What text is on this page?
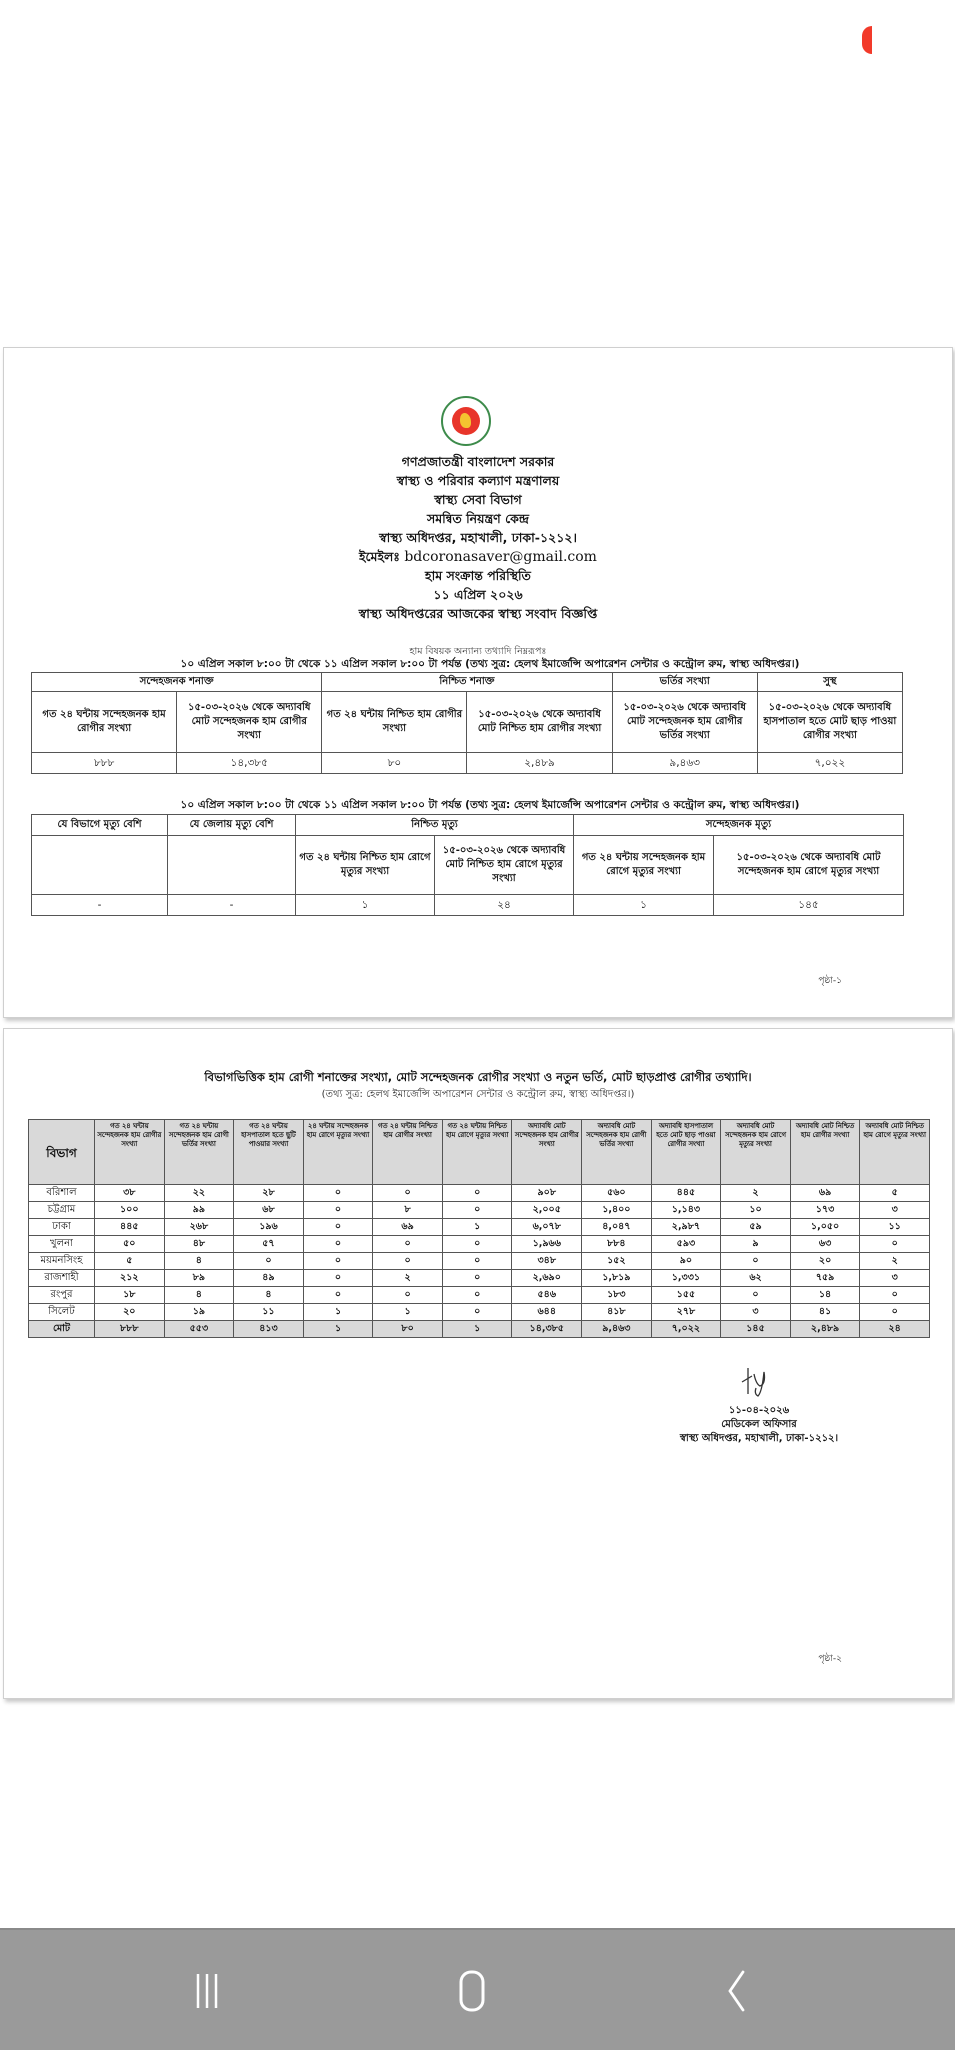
গণপ্রজাতন্ত্রী বাংলাদেশ সরকার
স্বাস্থ্য ও পরিবার কল্যাণ মন্ত্রণালয়
স্বাস্থ্য সেবা বিভাগ
সমন্বিত নিয়ন্ত্রণ কেন্দ্র
স্বাস্থ্য অধিদপ্তর, মহাখালী, ঢাকা-১২১২।
ইমেইলঃ bdcoronasaver@gmail.com
হাম সংক্রান্ত পরিস্থিতি
১১ এপ্রিল ২০২৬
স্বাস্থ্য অধিদপ্তরের আজকের স্বাস্থ্য সংবাদ বিজ্ঞপ্তি
হাম বিষয়ক অন্যান্য তথ্যাদি নিম্নরূপঃ
১০ এপ্রিল সকাল ৮:০০ টা থেকে ১১ এপ্রিল সকাল ৮:০০ টা পর্যন্ত (তথ্য সুত্র: হেলথ ইমার্জেন্সি অপারেশন সেন্টার ও কন্ট্রোল রুম, স্বাস্থ্য অধিদপ্তর।)
সন্দেহজনক শনাক্ত		নিশ্চিত শনাক্ত		ভর্তির সংখ্যা	সুস্থ
গত ২৪ ঘন্টায় সন্দেহজনক হাম রোগীর সংখ্যা	১৫-০৩-২০২৬ থেকে অদ্যাবধি মোট সন্দেহজনক হাম রোগীর সংখ্যা	গত ২৪ ঘন্টায় নিশ্চিত হাম রোগীর সংখ্যা	১৫-০৩-২০২৬ থেকে অদ্যাবধি মোট নিশ্চিত হাম রোগীর সংখ্যা	১৫-০৩-২০২৬ থেকে অদ্যাবধি মোট সন্দেহজনক হাম রোগীর ভর্তির সংখ্যা	১৫-০৩-২০২৬ থেকে অদ্যাবধি হাসপাতাল হতে মোট ছাড় পাওয়া রোগীর সংখ্যা
৮৮৮	১৪,৩৮৫	৮০	২,৪৮৯	৯,৪৬৩	৭,০২২
১০ এপ্রিল সকাল ৮:০০ টা থেকে ১১ এপ্রিল সকাল ৮:০০ টা পর্যন্ত (তথ্য সুত্র: হেলথ ইমার্জেন্সি অপারেশন সেন্টার ও কন্ট্রোল রুম, স্বাস্থ্য অধিদপ্তর।)
যে বিভাগে মৃত্যু বেশি	যে জেলায় মৃত্যু বেশি	নিশ্চিত মৃত্যু		সন্দেহজনক মৃত্যু	
		গত ২৪ ঘন্টায় নিশ্চিত হাম রোগে মৃত্যুর সংখ্যা	১৫-০৩-২০২৬ থেকে অদ্যাবধি মোট নিশ্চিত হাম রোগে মৃত্যুর সংখ্যা	গত ২৪ ঘন্টায় সন্দেহজনক হাম রোগে মৃত্যুর সংখ্যা	১৫-০৩-২০২৬ থেকে অদ্যাবধি মোট সন্দেহজনক হাম রোগে মৃত্যুর সংখ্যা
-	-	১	২৪	১	১৪৫
পৃষ্ঠা-১
বিভাগভিত্তিক হাম রোগী শনাক্তের সংখ্যা, মোট সন্দেহজনক রোগীর সংখ্যা ও নতুন ভর্তি, মোট ছাড়প্রাপ্ত রোগীর তথ্যাদি।
(তথ্য সুত্র: হেলথ ইমার্জেন্সি অপারেশন সেন্টার ও কন্ট্রোল রুম, স্বাস্থ্য অধিদপ্তর।)
বিভাগ	গত ২৪ ঘন্টায় সন্দেহজনক হাম রোগীর সংখ্যা	গত ২৪ ঘন্টায় সন্দেহজনক হাম রোগী ভর্তির সংখ্যা	গত ২৪ ঘন্টায় হাসপাতাল হতে ছুটি পাওয়ার সংখ্যা	২৪ ঘন্টায় সন্দেহজনক হাম রোগে মৃত্যুর সংখ্যা	গত ২৪ ঘন্টায় নিশ্চিত হাম রোগীর সংখ্যা	গত ২৪ ঘন্টায় নিশ্চিত হাম রোগে মৃত্যুর সংখ্যা	অদ্যাবধি মোট সন্দেহজনক হাম রোগীর সংখ্যা	অদ্যাবধি মোট সন্দেহজনক হাম রোগী ভর্তির সংখ্যা	অদ্যাবধি হাসপাতাল হতে মোট ছাড় পাওয়া রোগীর সংখ্যা	অদ্যাবধি মোট সন্দেহজনক হাম রোগে মৃত্যুর সংখ্যা	অদ্যাবধি মোট নিশ্চিত হাম রোগীর সংখ্যা	অদ্যাবধি মোট নিশ্চিত হাম রোগে মৃত্যুর সংখ্যা
বরিশাল	৩৮	২২	২৮	০	০	০	৯০৮	৫৬০	৪৪৫	২	৬৯	৫
চট্টগ্রাম	১০০	৯৯	৬৮	০	৮	০	২,০০৫	১,৪০০	১,১৪৩	১০	১৭৩	৩
ঢাকা	৪৪৫	২৬৮	১৯৬	০	৬৯	১	৬,০৭৮	৪,০৪৭	২,৯৮৭	৫৯	১,০৫০	১১
খুলনা	৫০	৪৮	৫৭	০	০	০	১,৯৬৬	৮৮৪	৫৯৩	৯	৬৩	০
ময়মনসিংহ	৫	৪	০	০	০	০	৩৪৮	১৫২	৯০	০	২০	২
রাজশাহী	২১২	৮৯	৪৯	০	২	০	২,৬৯০	১,৮১৯	১,৩৩১	৬২	৭৫৯	৩
রংপুর	১৮	৪	৪	০	০	০	৫৪৬	১৮৩	১৫৫	০	১৪	০
সিলেট	২০	১৯	১১	১	১	০	৬৪৪	৪১৮	২৭৮	৩	৪১	০
মোট	৮৮৮	৫৫৩	৪১৩	১	৮০	১	১৪,৩৮৫	৯,৪৬৩	৭,০২২	১৪৫	২,৪৮৯	২৪
১১-০৪-২০২৬
মেডিকেল অফিসার
স্বাস্থ্য অধিদপ্তর, মহাখালী, ঢাকা-১২১২।
পৃষ্ঠা-২
